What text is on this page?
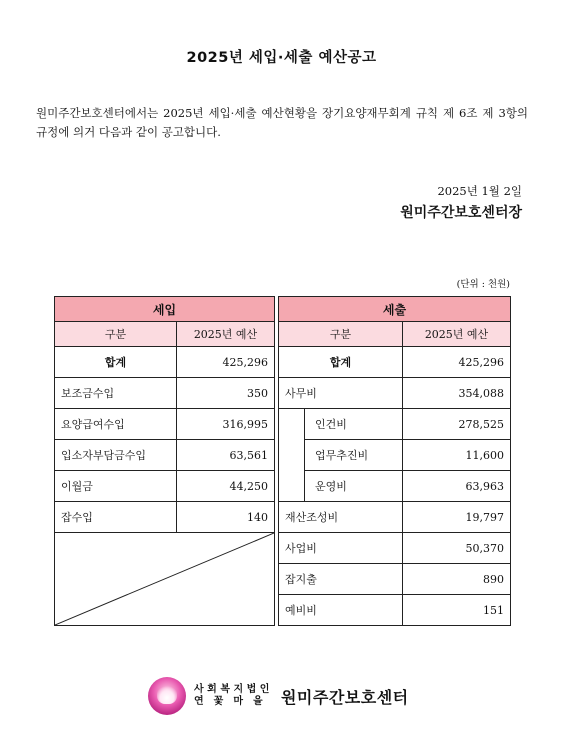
2025년 세입·세출 예산공고
원미주간보호센터에서는 2025년 세입·세출 예산현황을 장기요양재무회계 규칙 제 6조 제 3항의 규정에 의거 다음과 같이 공고합니다.
2025년 1월 2일
원미주간보호센터장
(단위 : 천원)
세입			세출		
구분	2025년 예산		구분		2025년 예산
합계	425,296		합계		425,296
보조금수입	350		사무비		354,088
요양급여수입	316,995			인건비	278,525
입소자부담금수입	63,561			업무추진비	11,600
이월금	44,250			운영비	63,963
잡수입	140		재산조성비		19,797

	사업비		50,370
			잡지출		890
			예비비		151
사회복지법인
연꽃마을 원미주간보호센터
